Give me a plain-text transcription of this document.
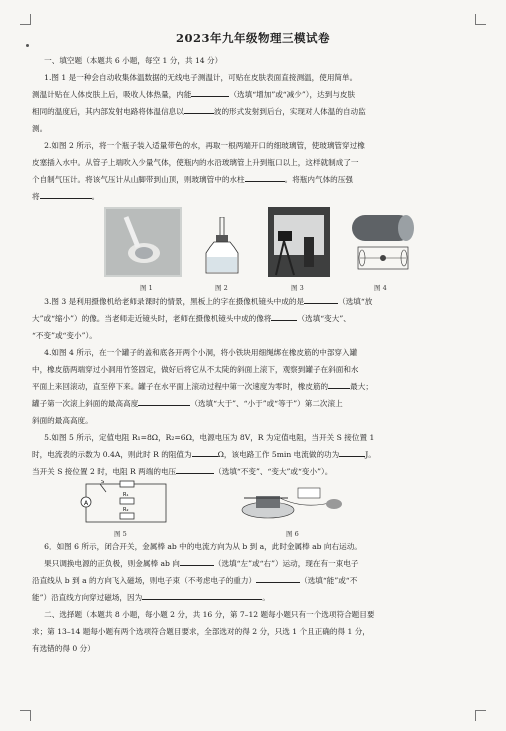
2023年九年级物理三模试卷

一、填空题（本题共 6 小题，每空 1 分，共 14 分）

1.图 1 是一种会自动收集体温数据的无线电子测温计，可贴在皮肤表面直接测温，使用简单。

测温计贴在人体皮肤上后，吸收人体热量，内能	（选填“增加”或“减少”），达到与皮肤

相同的温度后，其内部发射电路将体温信息以	波的形式发射到后台，实现对人体温的自动监

测。

2.如图 2 所示，将一个瓶子装入适量带色的水，再取一根两端开口的细玻璃管，使玻璃管穿过橡

皮塞插入水中。从管子上端吹入少量气体，使瓶内的水沿玻璃管上升到瓶口以上，这样就制成了一

个自制气压计。将该气压计从山脚带到山顶，则玻璃管中的水柱	。将瓶内气体的压强

将	。

图 1	图 2	图 3	图 4

3.图 3 是利用摄像机给老师录课时的情景，黑板上的字在摄像机镜头中成的是	（选填“放

大”或“缩小”）的像。当老师走近镜头时，老师在摄像机镜头中成的像将	（选填“变大”、

“不变”或“变小”）。

4.如图 4 所示，在一个罐子的盖和底各开两个小洞，将小铁块用细绳绑在橡皮筋的中部穿入罐

中，橡皮筋两端穿过小洞用竹签固定，做好后将它从不太陡的斜面上滚下，观察到罐子在斜面和水

平面上来回滚动，直至停下来。罐子在水平面上滚动过程中第一次速度为零时，橡皮筋的	最大；

罐子第一次滚上斜面的最高高度	（选填“大于”、“小于”或“等于”）第二次滚上

斜面的最高高度。

5.如图 5 所示，定值电阻 R₁=8Ω，R₂=6Ω，电源电压为 8V，R 为定值电阻，当开关 S 接位置 1

时，电流表的示数为 0.4A，则此时 R 的阻值为	Ω，该电路工作 5min 电流做的功为	J。

当开关 S 接位置 2 时，电阻 R 两端的电压	（选填“不变”、“变大”或“变小”）。

A
S
R₁
R₂
图 5	图 6

6．如图 6 所示，闭合开关，金属棒 ab 中的电流方向为从 b 到 a，此时金属棒 ab 向右运动。

果只调换电源的正负极，则金属棒 ab 向	（选填“左”或“右”）运动，现在有一束电子

沿直线从 b 到 a 的方向飞入磁场，则电子束（不考虑电子的重力）	（选填“能”或“不

能”）沿直线方向穿过磁场，因为	。

二、选择题（本题共 8 小题，每小题 2 分，共 16 分，第 7–12 题每小题只有一个选项符合题目要

求；第 13–14 题每小题有两个选项符合题目要求，全部选对的得 2 分，只选 1 个且正确的得 1 分，

有选错的得 0 分）
